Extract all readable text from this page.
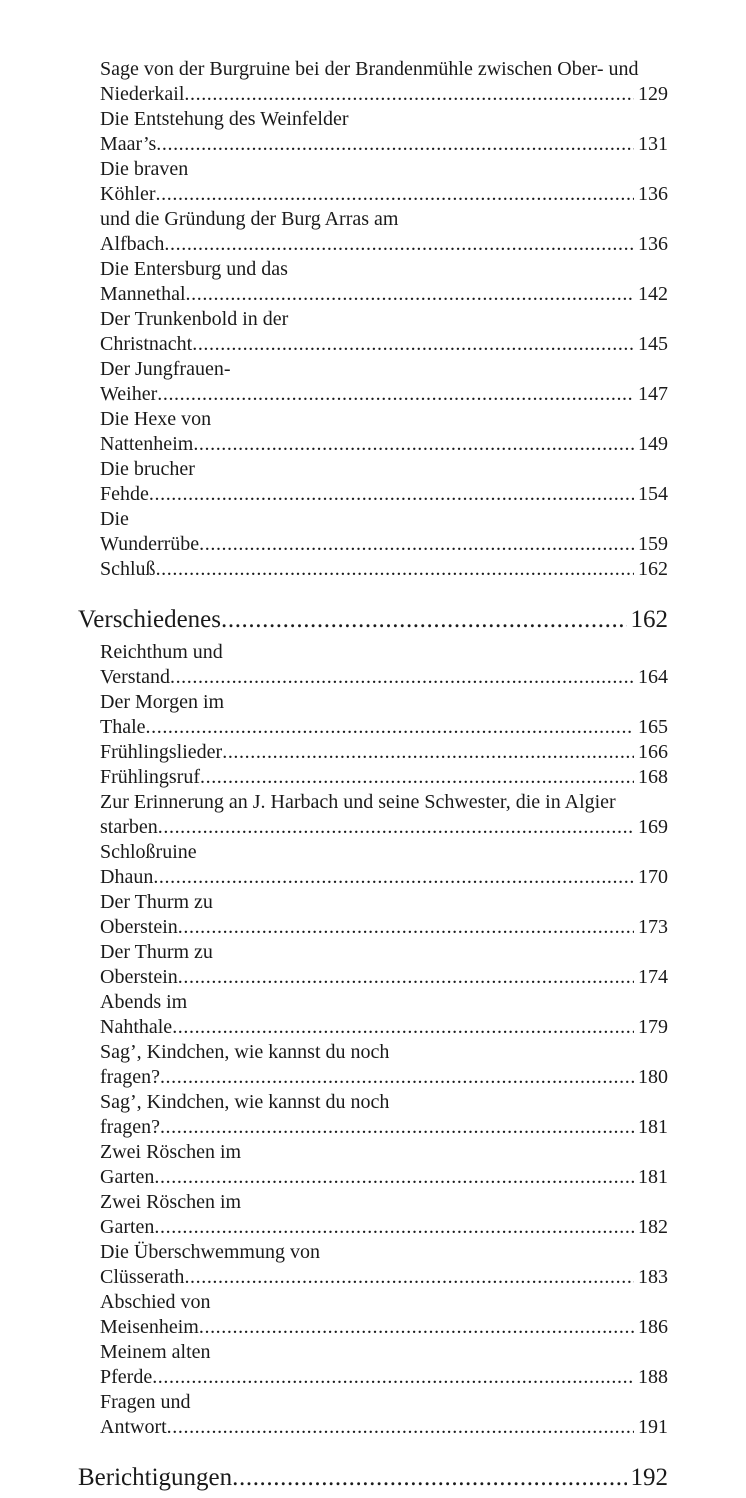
Sage von der Burgruine bei der Brandenmühle zwischen Ober- und Niederkail .....	129
Die Entstehung des Weinfelder Maar’s .....	131
Die braven Köhler .....	136
und die Gründung der Burg Arras am Alfbach .....	136
Die Entersburg und das Mannethal .....	142
Der Trunkenbold in der Christnacht .....	145
Der Jungfrauen-Weiher .....	147
Die Hexe von Nattenheim .....	149
Die brucher Fehde .....	154
Die Wunderrübe .....	159
Schluß .....	162
Verschiedenes .....	162
Reichthum und Verstand .....	164
Der Morgen im Thale .....	165
Frühlingslieder .....	166
Frühlingsruf .....	168
Zur Erinnerung an J. Harbach und seine Schwester, die in Algier starben .....	169
Schloßruine Dhaun .....	170
Der Thurm zu Oberstein .....	173
Der Thurm zu Oberstein .....	174
Abends im Nahthale .....	179
Sag’, Kindchen, wie kannst du noch fragen? .....	180
Sag’, Kindchen, wie kannst du noch fragen? .....	181
Zwei Röschen im Garten .....	181
Zwei Röschen im Garten .....	182
Die Überschwemmung von Clüsserath .....	183
Abschied von Meisenheim .....	186
Meinem alten Pferde .....	188
Fragen und Antwort .....	191
Berichtigungen .....	192
